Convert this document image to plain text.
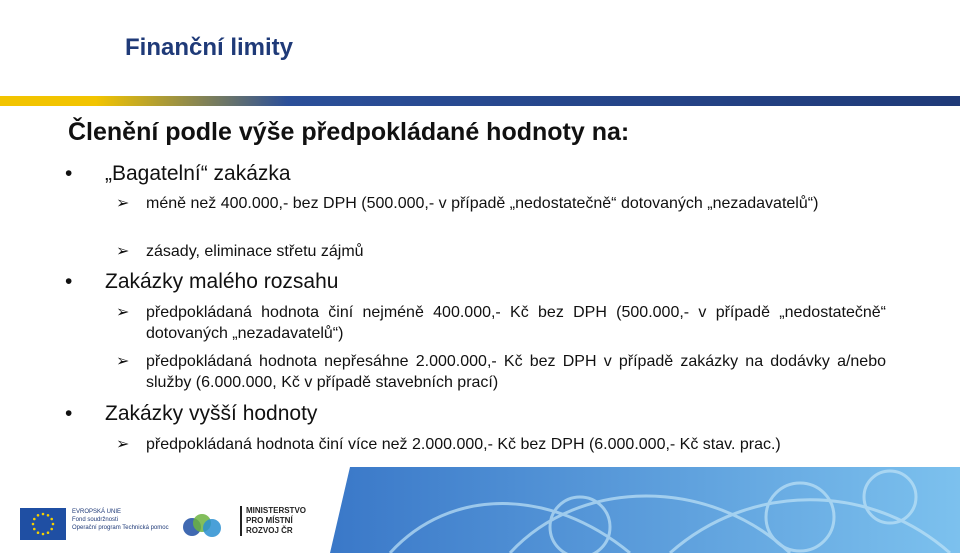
Finanční limity
Členění podle výše předpokládané hodnoty na:
• „Bagatelní“ zakázka
➢ méně než 400.000,- bez DPH (500.000,- v případě „nedostatečně“ dotovaných „nezadavatelů“)
➢ zásady, eliminace střetu zájmů
• Zakázky malého rozsahu
➢ předpokládaná hodnota činí nejméně 400.000,- Kč bez DPH (500.000,- v případě „nedostatečně“ dotovaných „nezadavatelů“)
➢ předpokládaná hodnota nepřesáhne 2.000.000,- Kč bez DPH v případě zakázky na dodávky a/nebo služby (6.000.000, Kč v případě stavebních prací)
• Zakázky vyšší hodnoty
➢ předpokládaná hodnota činí více než 2.000.000,- Kč bez DPH (6.000.000,- Kč stav. prac.)
EVROPSKÁ UNIE
Fond soudržnosti
Operační program Technická pomoc
MINISTERSTVO
PRO MÍSTNÍ
ROZVOJ ČR
